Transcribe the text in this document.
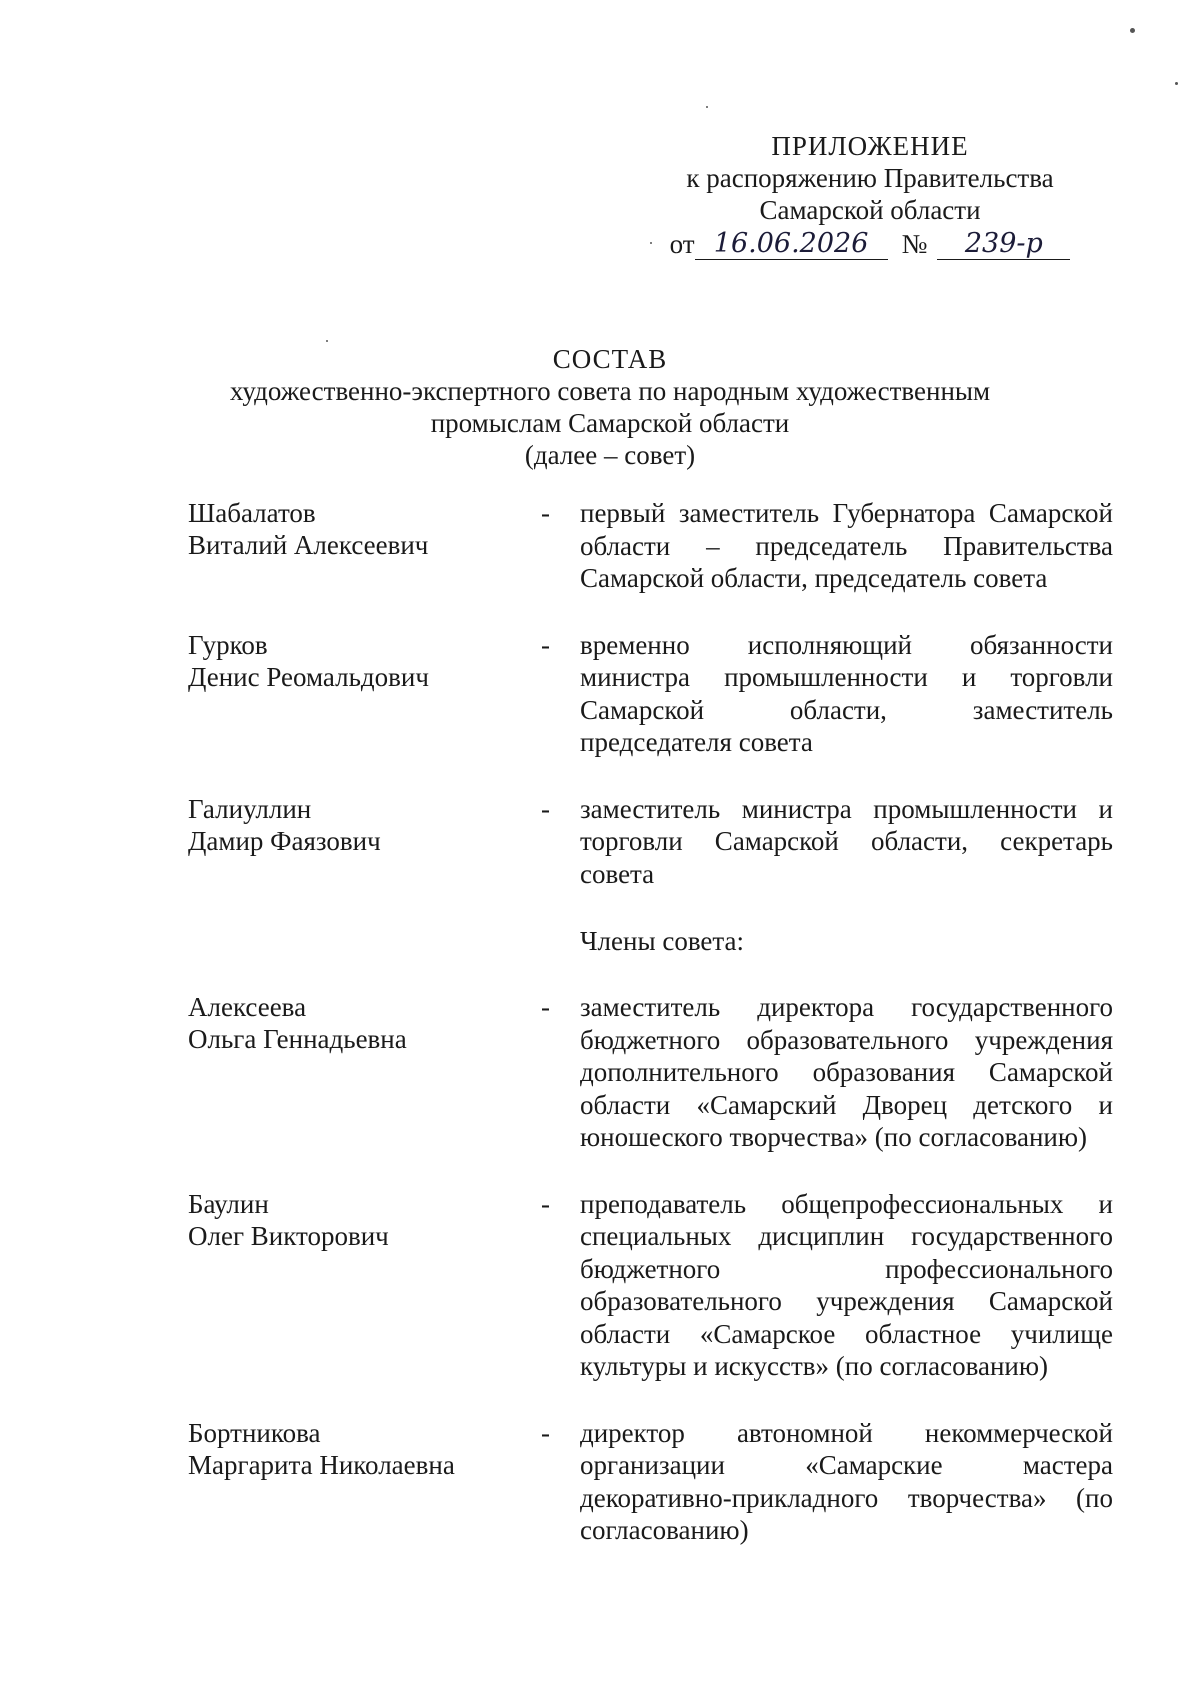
ПРИЛОЖЕНИЕ
к распоряжению Правительства
Самарской области
от 16.06.2026	№	239-р
СОСТАВ
художественно-экспертного совета по народным художественным
промыслам Самарской области
(далее – совет)
Шабалатов
Виталий Алексеевич
-	первый заместитель Губернатора Самарской области – председатель Правительства Самарской области, председатель совета
Гурков
Денис Реомальдович
-	временно исполняющий обязанности министра промышленности и торговли Самарской области, заместитель председателя совета
Галиуллин
Дамир Фаязович
-	заместитель министра промышленности и торговли Самарской области, секретарь совета
Члены совета:
Алексеева
Ольга Геннадьевна
-	заместитель директора государственного бюджетного образовательного учреждения дополнительного образования Самарской области «Самарский Дворец детского и юношеского творчества» (по согласованию)
Баулин
Олег Викторович
-	преподаватель общепрофессиональных и специальных дисциплин государственного бюджетного профессионального образовательного учреждения Самарской области «Самарское областное училище культуры и искусств» (по согласованию)
Бортникова
Маргарита Николаевна
-	директор автономной некоммерческой организации «Самарские мастера декоративно-прикладного творчества» (по согласованию)
